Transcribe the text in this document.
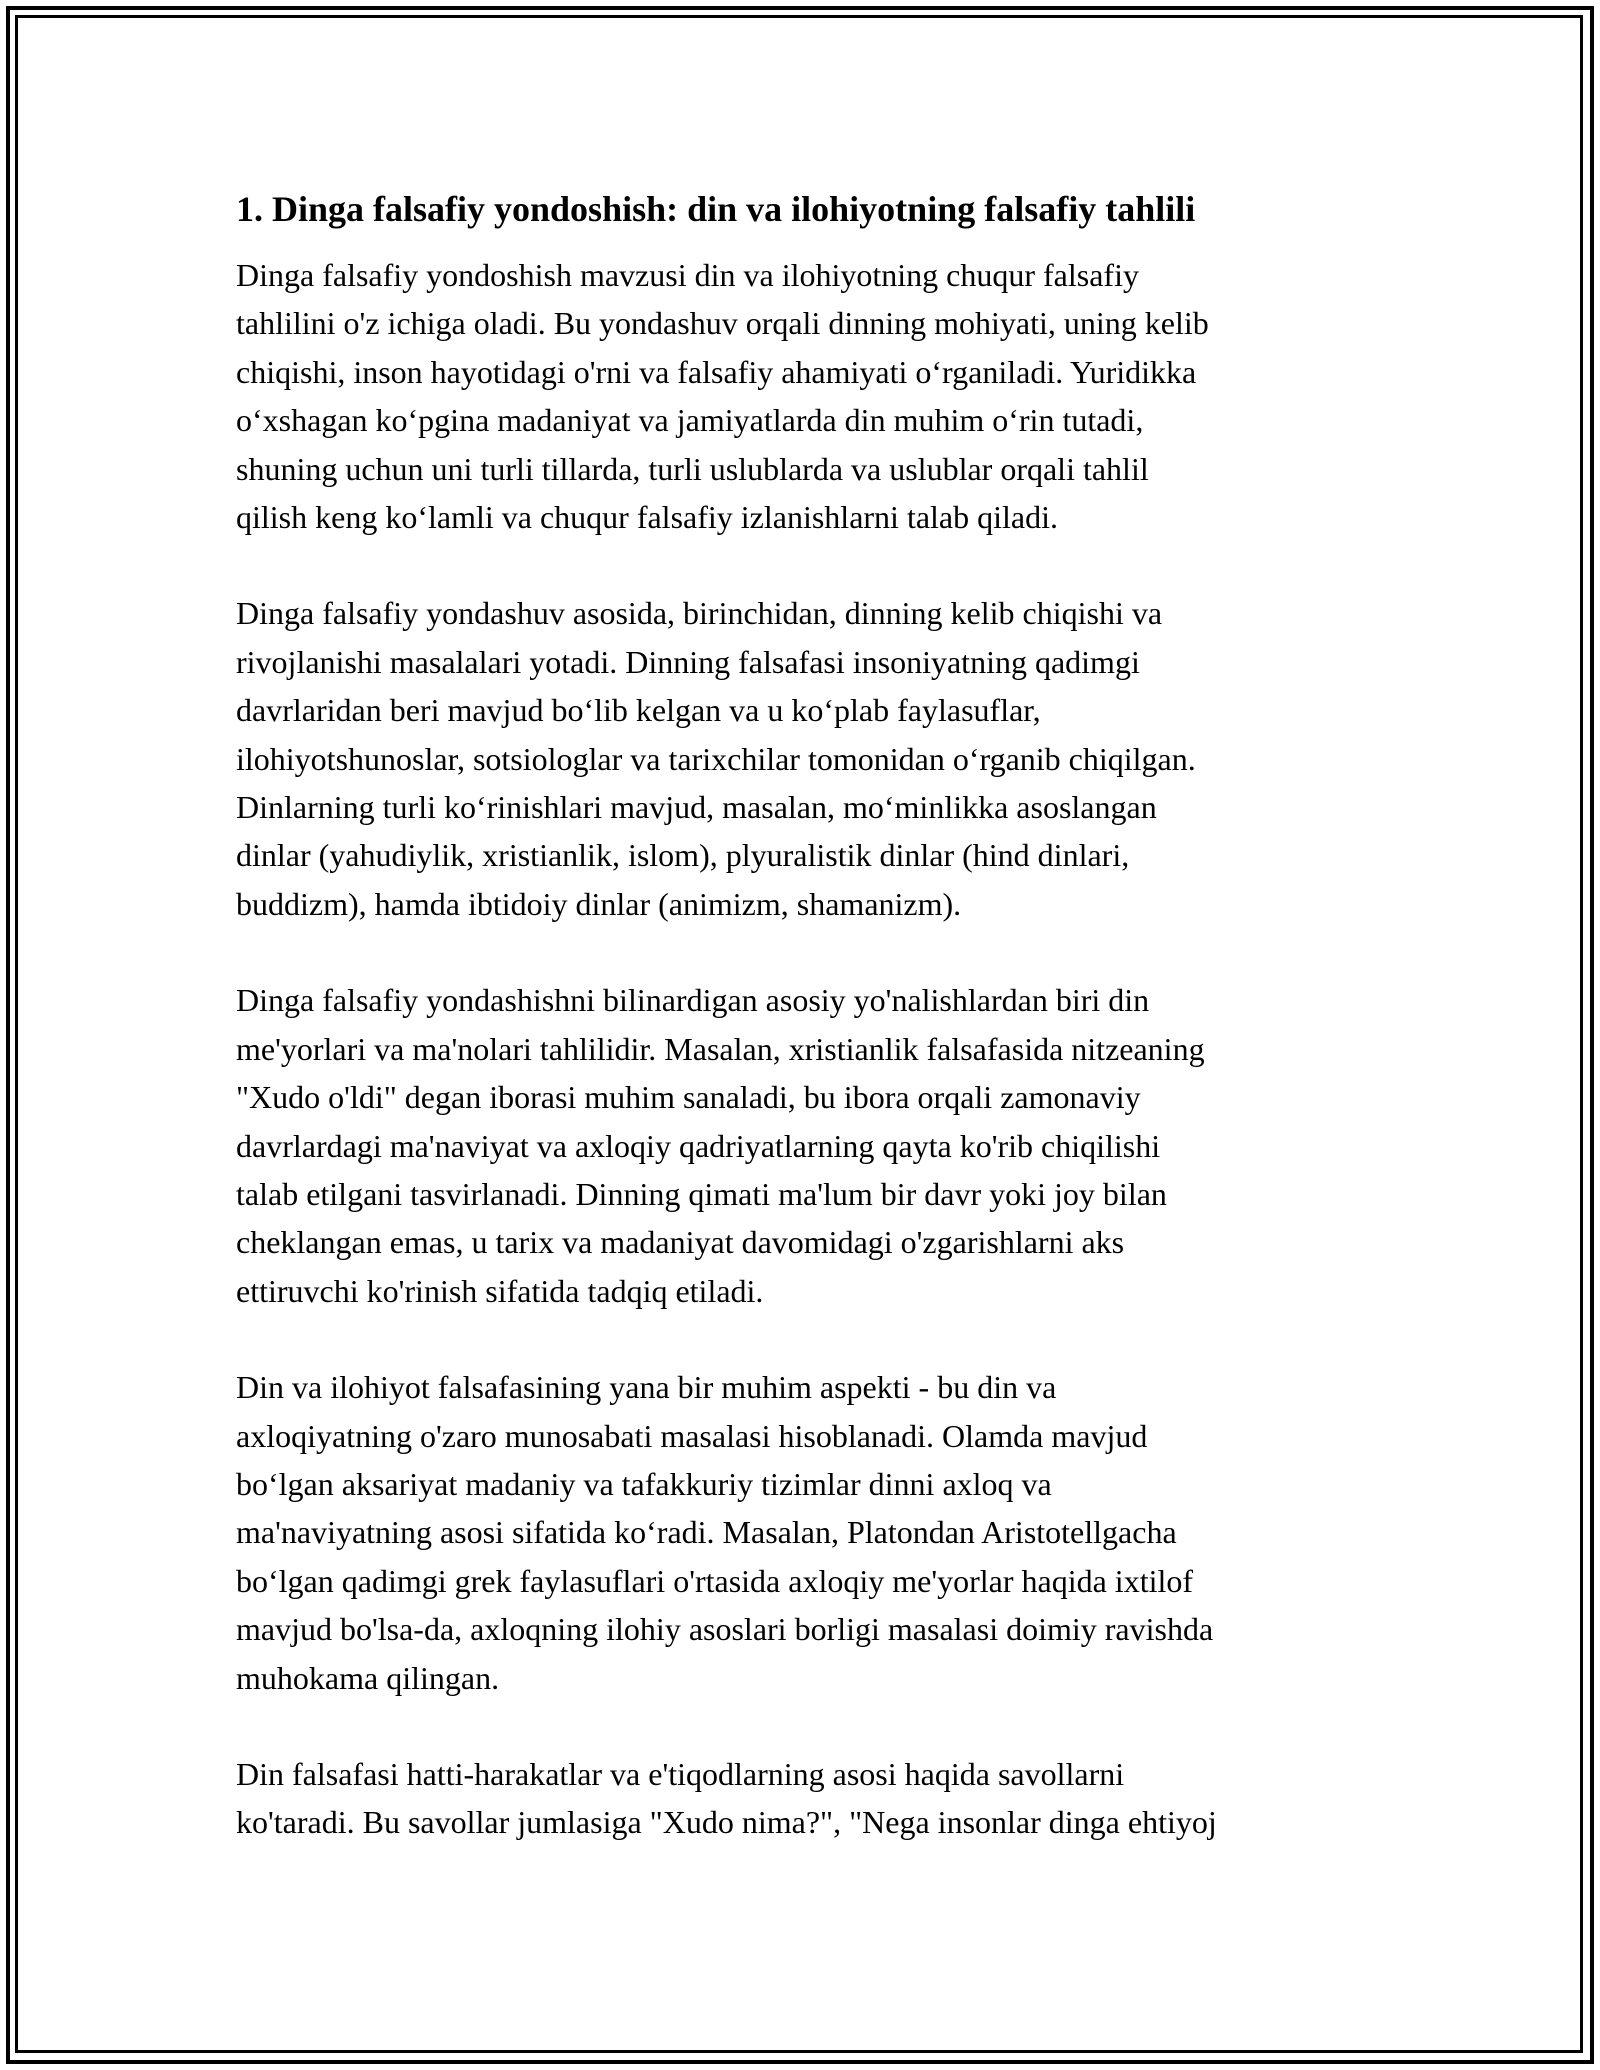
1. Dinga falsafiy yondoshish: din va ilohiyotning falsafiy tahlili
Dinga falsafiy yondoshish mavzusi din va ilohiyotning chuqur falsafiy
tahlilini o'z ichiga oladi. Bu yondashuv orqali dinning mohiyati, uning kelib
chiqishi, inson hayotidagi o'rni va falsafiy ahamiyati oʻrganiladi. Yuridikka
oʻxshagan koʻpgina madaniyat va jamiyatlarda din muhim oʻrin tutadi,
shuning uchun uni turli tillarda, turli uslublarda va uslublar orqali tahlil
qilish keng koʻlamli va chuqur falsafiy izlanishlarni talab qiladi.
Dinga falsafiy yondashuv asosida, birinchidan, dinning kelib chiqishi va
rivojlanishi masalalari yotadi. Dinning falsafasi insoniyatning qadimgi
davrlaridan beri mavjud boʻlib kelgan va u koʻplab faylasuflar,
ilohiyotshunoslar, sotsiologlar va tarixchilar tomonidan oʻrganib chiqilgan.
Dinlarning turli koʻrinishlari mavjud, masalan, moʻminlikka asoslangan
dinlar (yahudiylik, xristianlik, islom), plyuralistik dinlar (hind dinlari,
buddizm), hamda ibtidoiy dinlar (animizm, shamanizm).
Dinga falsafiy yondashishni bilinardigan asosiy yo'nalishlardan biri din
me'yorlari va ma'nolari tahlilidir. Masalan, xristianlik falsafasida nitzeaning
"Xudo o'ldi" degan iborasi muhim sanaladi, bu ibora orqali zamonaviy
davrlardagi ma'naviyat va axloqiy qadriyatlarning qayta ko'rib chiqilishi
talab etilgani tasvirlanadi. Dinning qimati ma'lum bir davr yoki joy bilan
cheklangan emas, u tarix va madaniyat davomidagi o'zgarishlarni aks
ettiruvchi ko'rinish sifatida tadqiq etiladi.
Din va ilohiyot falsafasining yana bir muhim aspekti - bu din va
axloqiyatning o'zaro munosabati masalasi hisoblanadi. Olamda mavjud
boʻlgan aksariyat madaniy va tafakkuriy tizimlar dinni axloq va
ma'naviyatning asosi sifatida koʻradi. Masalan, Platondan Aristotellgacha
boʻlgan qadimgi grek faylasuflari o'rtasida axloqiy me'yorlar haqida ixtilof
mavjud bo'lsa-da, axloqning ilohiy asoslari borligi masalasi doimiy ravishda
muhokama qilingan.
Din falsafasi hatti-harakatlar va e'tiqodlarning asosi haqida savollarni
ko'taradi. Bu savollar jumlasiga "Xudo nima?", "Nega insonlar dinga ehtiyoj
